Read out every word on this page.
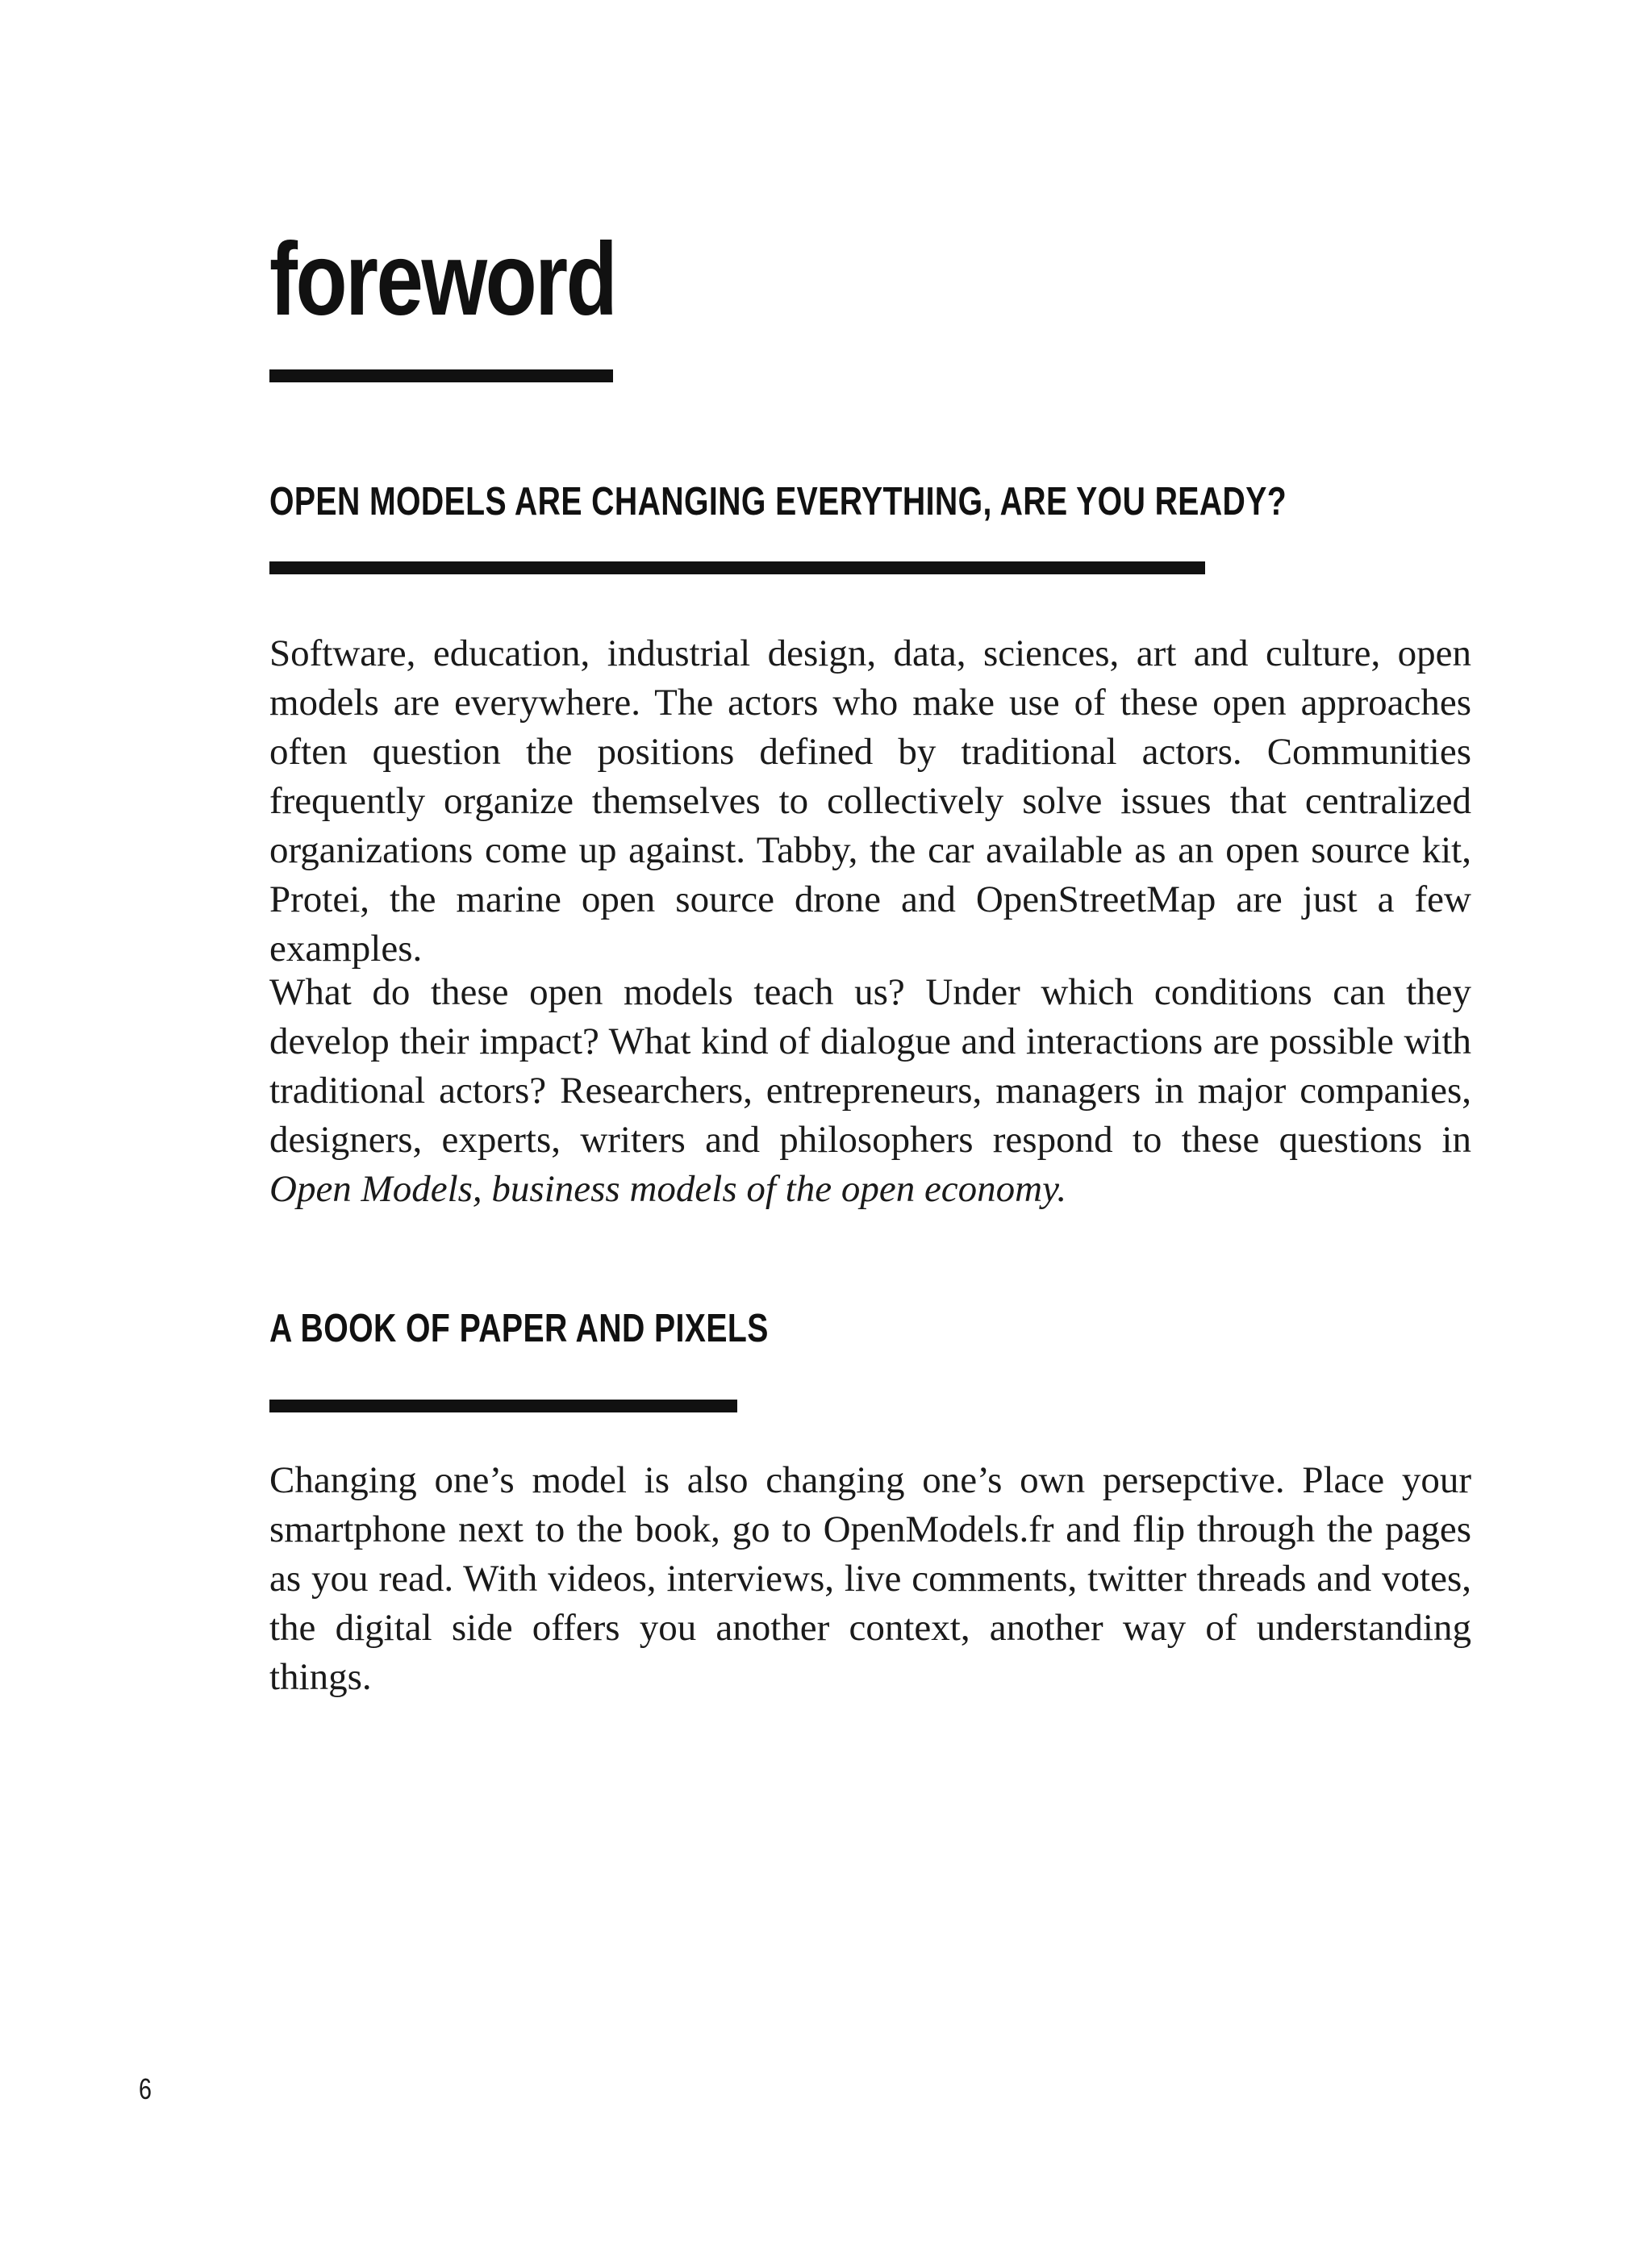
foreword
OPEN MODELS ARE CHANGING EVERYTHING, ARE YOU READY?

Software, education, industrial design, data, sciences, art and culture, open models are everywhere. The actors who make use of these open approaches often question the positions defined by traditional actors. Communities frequently organize themselves to collectively solve issues that centralized organizations come up against. Tabby, the car available as an open source kit, Protei, the marine open source drone and OpenStreetMap are just a few examples.

What do these open models teach us? Under which conditions can they develop their impact? What kind of dialogue and interactions are possible with traditional actors? Researchers, entrepreneurs, managers in major companies, designers, experts, writers and philosophers respond to these questions in Open Models, business models of the open economy.

A BOOK OF PAPER AND PIXELS

Changing one’s model is also changing one’s own persepctive. Place your smartphone next to the book, go to OpenModels.fr and flip through the pages as you read. With videos, interviews, live comments, twitter threads and votes, the digital side offers you another context, another way of understanding things.

6
